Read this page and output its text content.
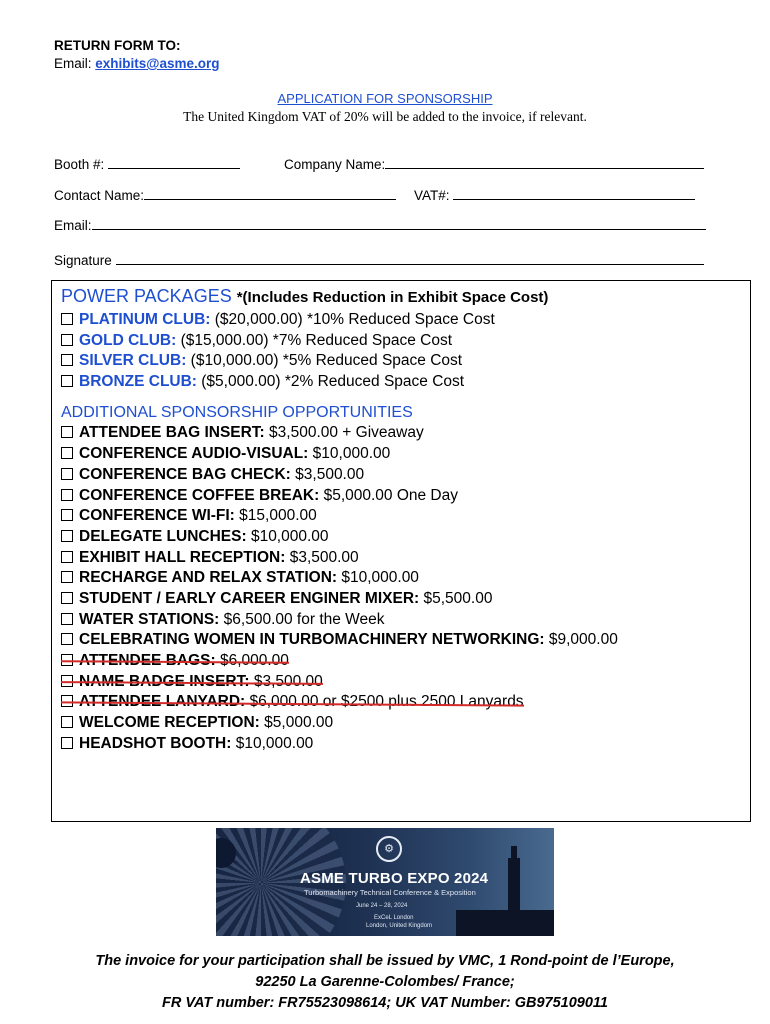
RETURN FORM TO:
Email: exhibits@asme.org
APPLICATION FOR SPONSORSHIP
The United Kingdom VAT of 20% will be added to the invoice, if relevant.
Booth #:	Company Name:
Contact Name:	VAT#:
Email:
Signature
POWER PACKAGES *(Includes Reduction in Exhibit Space Cost)
PLATINUM CLUB: ($20,000.00) *10% Reduced Space Cost
GOLD CLUB: ($15,000.00) *7% Reduced Space Cost
SILVER CLUB: ($10,000.00) *5% Reduced Space Cost
BRONZE CLUB: ($5,000.00) *2% Reduced Space Cost
ADDITIONAL SPONSORSHIP OPPORTUNITIES
ATTENDEE BAG INSERT: $3,500.00 + Giveaway
CONFERENCE AUDIO-VISUAL: $10,000.00
CONFERENCE BAG CHECK: $3,500.00
CONFERENCE COFFEE BREAK: $5,000.00 One Day
CONFERENCE WI-FI: $15,000.00
DELEGATE LUNCHES: $10,000.00
EXHIBIT HALL RECEPTION: $3,500.00
RECHARGE AND RELAX STATION: $10,000.00
STUDENT / EARLY CAREER ENGINER MIXER: $5,500.00
WATER STATIONS: $6,500.00 for the Week
CELEBRATING WOMEN IN TURBOMACHINERY NETWORKING: $9,000.00
ATTENDEE BAGS: $6,000.00
NAME BADGE INSERT: $3,500.00
ATTENDEE LANYARD: $6,000.00 or $2500 plus 2500 Lanyards
WELCOME RECEPTION: $5,000.00
HEADSHOT BOOTH: $10,000.00
⚙
ASME TURBO EXPO 2024
Turbomachinery Technical Conference & Exposition
June 24 – 28, 2024
ExCeL London
London, United Kingdom
The invoice for your participation shall be issued by VMC, 1 Rond-point de l’Europe,
92250 La Garenne-Colombes/ France;
FR VAT number: FR75523098614; UK VAT Number: GB975109011
